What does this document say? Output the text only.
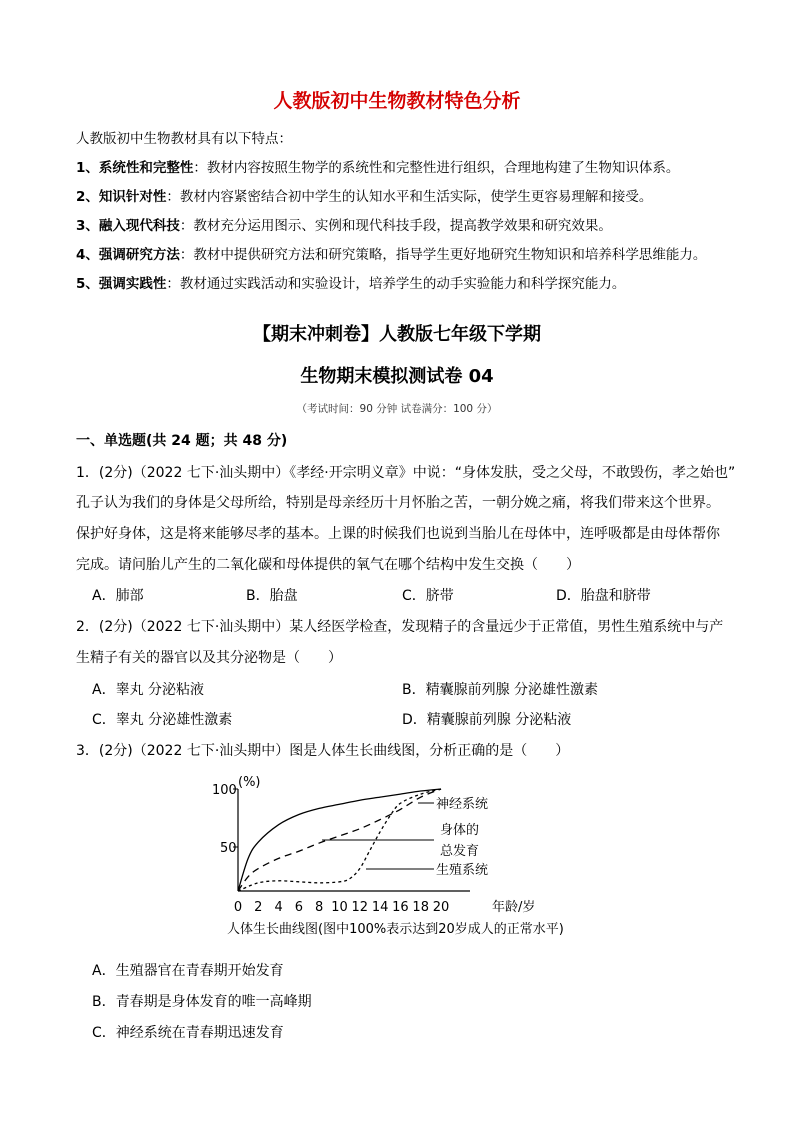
人教版初中生物教材特色分析
人教版初中生物教材具有以下特点：
1、系统性和完整性：教材内容按照生物学的系统性和完整性进行组织，合理地构建了生物知识体系。
2、知识针对性：教材内容紧密结合初中学生的认知水平和生活实际，使学生更容易理解和接受。
3、融入现代科技：教材充分运用图示、实例和现代科技手段，提高教学效果和研究效果。
4、强调研究方法：教材中提供研究方法和研究策略，指导学生更好地研究生物知识和培养科学思维能力。
5、强调实践性：教材通过实践活动和实验设计，培养学生的动手实验能力和科学探究能力。
【期末冲刺卷】人教版七年级下学期
生物期末模拟测试卷 04
（考试时间：90 分钟 试卷满分：100 分）
一、单选题(共 24 题；共 48 分)
1．(2分)（2022 七下·汕头期中）《孝经·开宗明义章》中说：“身体发肤，受之父母，不敢毁伤，孝之始也”
孔子认为我们的身体是父母所给，特别是母亲经历十月怀胎之苦，一朝分娩之痛，将我们带来这个世界。
保护好身体，这是将来能够尽孝的基本。上课的时候我们也说到当胎儿在母体中，连呼吸都是由母体帮你
完成。请问胎儿产生的二氧化碳和母体提供的氧气在哪个结构中发生交换（　　）
A．肺部	B．胎盘	C．脐带	D．胎盘和脐带
2．(2分)（2022 七下·汕头期中）某人经医学检查，发现精子的含量远少于正常值，男性生殖系统中与产
生精子有关的器官以及其分泌物是（　　）
A．睾丸 分泌粘液	B．精囊腺前列腺 分泌雄性激素
C．睾丸 分泌雄性激素	D．精囊腺前列腺 分泌粘液
3．(2分)（2022 七下·汕头期中）图是人体生长曲线图，分析正确的是（　　）
(%)
100
50
年龄/岁
0 2 4 6 8 10 12 14 16 18 20
神经系统
身体的 总发育
生殖系统
人体生长曲线图(图中100%表示达到20岁成人的正常水平)
A．生殖器官在青春期开始发育
B．青春期是身体发育的唯一高峰期
C．神经系统在青春期迅速发育
